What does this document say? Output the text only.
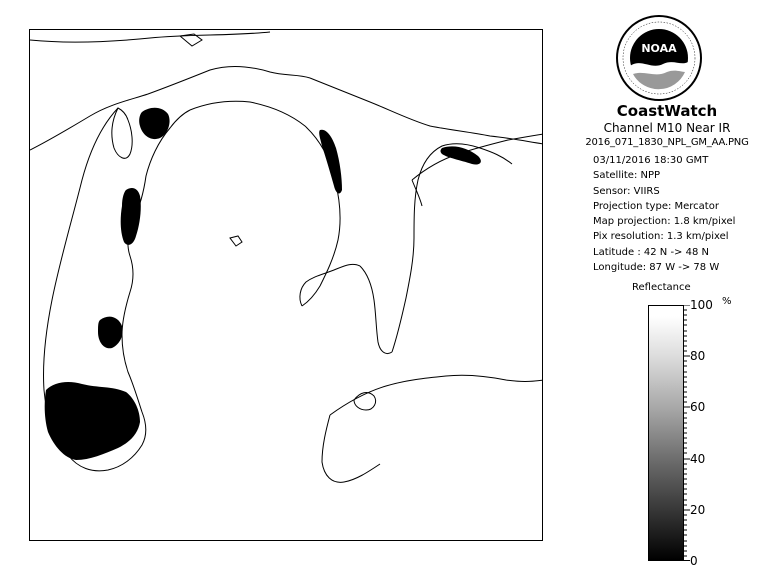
NOAA
CoastWatch
Channel M10 Near IR
2016_071_1830_NPL_GM_AA.PNG
03/11/2016 18:30 GMT
Satellite: NPP
Sensor: VIIRS
Projection type: Mercator
Map projection: 1.8 km/pixel
Pix resolution: 1.3 km/pixel
Latitude : 42 N -> 48 N
Longitude: 87 W -> 78 W
Reflectance
%
100
80
60
40
20
0
